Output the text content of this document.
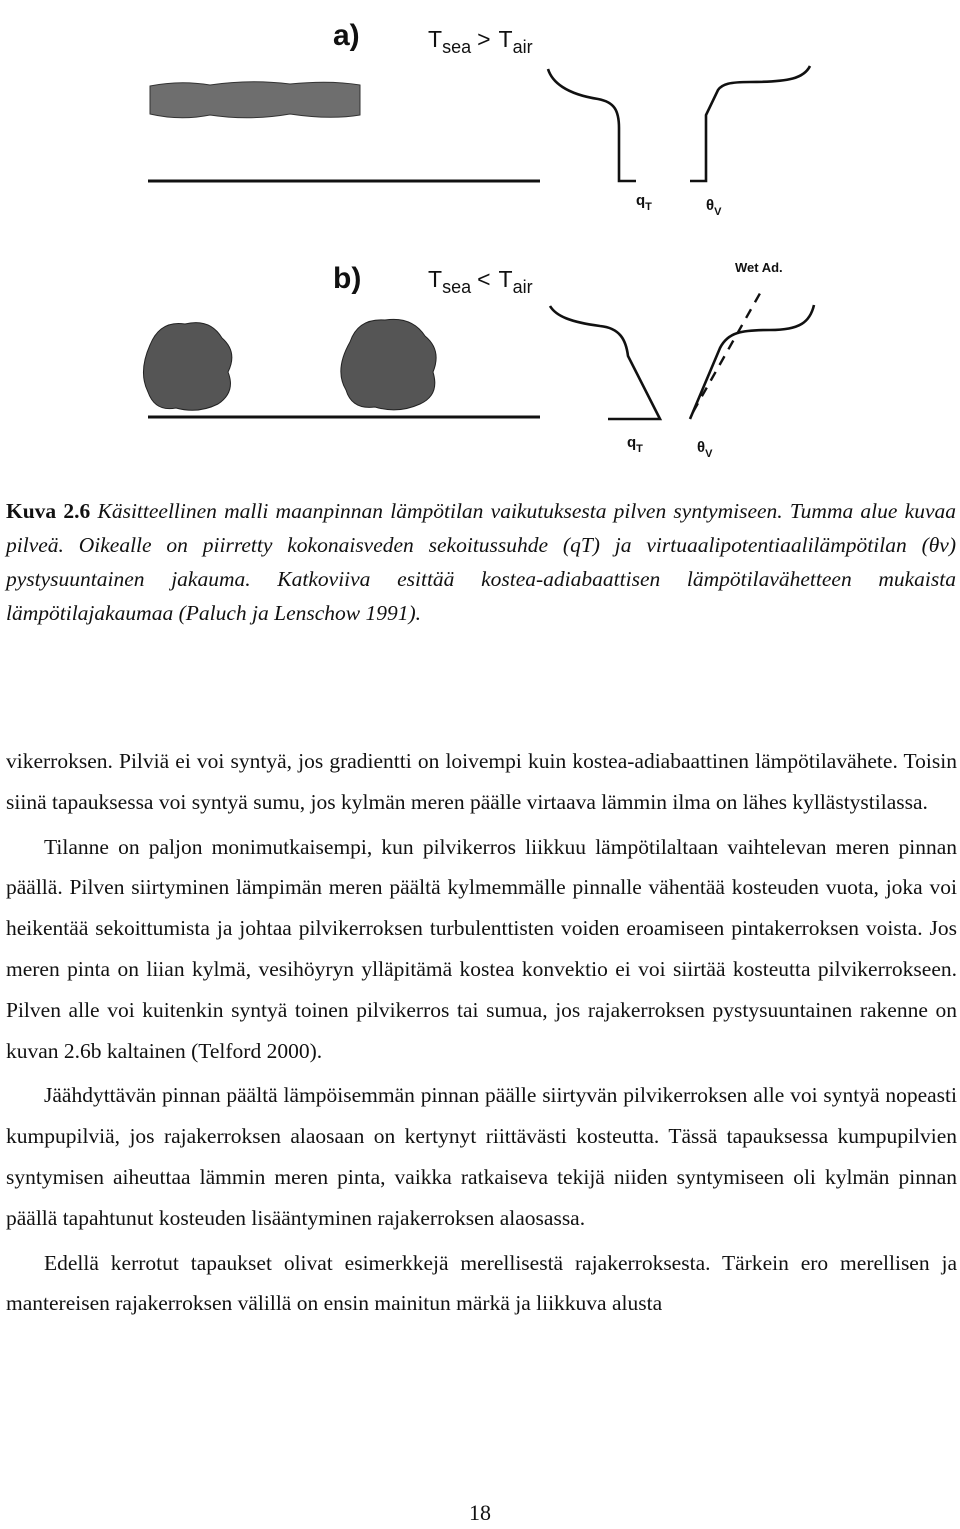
a)	$T_{sea} > T_{air}$
$q_T$	$\theta_V$
b)	$T_{sea} < T_{air}$
Wet Ad.
$q_T$	$\theta_V$
Kuva 2.6 Käsitteellinen malli maanpinnan lämpötilan vaikutuksesta pilven syntymiseen. Tumma alue kuvaa pilveä. Oikealle on piirretty kokonaisveden sekoitussuhde (qT) ja virtuaalipotentiaalilämpötilan (θv) pystysuuntainen jakauma. Katkoviiva esittää kostea-adiabaattisen lämpötilavähetteen mukaista lämpötilajakaumaa (Paluch ja Lenschow 1991).

vikerroksen. Pilviä ei voi syntyä, jos gradientti on loivempi kuin kostea-adiabaattinen lämpötilavähete. Toisin siinä tapauksessa voi syntyä sumu, jos kylmän meren päälle virtaava lämmin ilma on lähes kyllästystilassa.

Tilanne on paljon monimutkaisempi, kun pilvikerros liikkuu lämpötilaltaan vaihtelevan meren pinnan päällä. Pilven siirtyminen lämpimän meren päältä kylmemmälle pinnalle vähentää kosteuden vuota, joka voi heikentää sekoittumista ja johtaa pilvikerroksen turbulenttisten voiden eroamiseen pintakerroksen voista. Jos meren pinta on liian kylmä, vesihöyryn ylläpitämä kostea konvektio ei voi siirtää kosteutta pilvikerrokseen. Pilven alle voi kuitenkin syntyä toinen pilvikerros tai sumua, jos rajakerroksen pystysuuntainen rakenne on kuvan 2.6b kaltainen (Telford 2000).

Jäähdyttävän pinnan päältä lämpöisemmän pinnan päälle siirtyvän pilvikerroksen alle voi syntyä nopeasti kumpupilviä, jos rajakerroksen alaosaan on kertynyt riittävästi kosteutta. Tässä tapauksessa kumpupilvien syntymisen aiheuttaa lämmin meren pinta, vaikka ratkaiseva tekijä niiden syntymiseen oli kylmän pinnan päällä tapahtunut kosteuden lisääntyminen rajakerroksen alaosassa.

Edellä kerrotut tapaukset olivat esimerkkejä merellisestä rajakerroksesta. Tärkein ero merellisen ja mantereisen rajakerroksen välillä on ensin mainitun märkä ja liikkuva alusta

18
